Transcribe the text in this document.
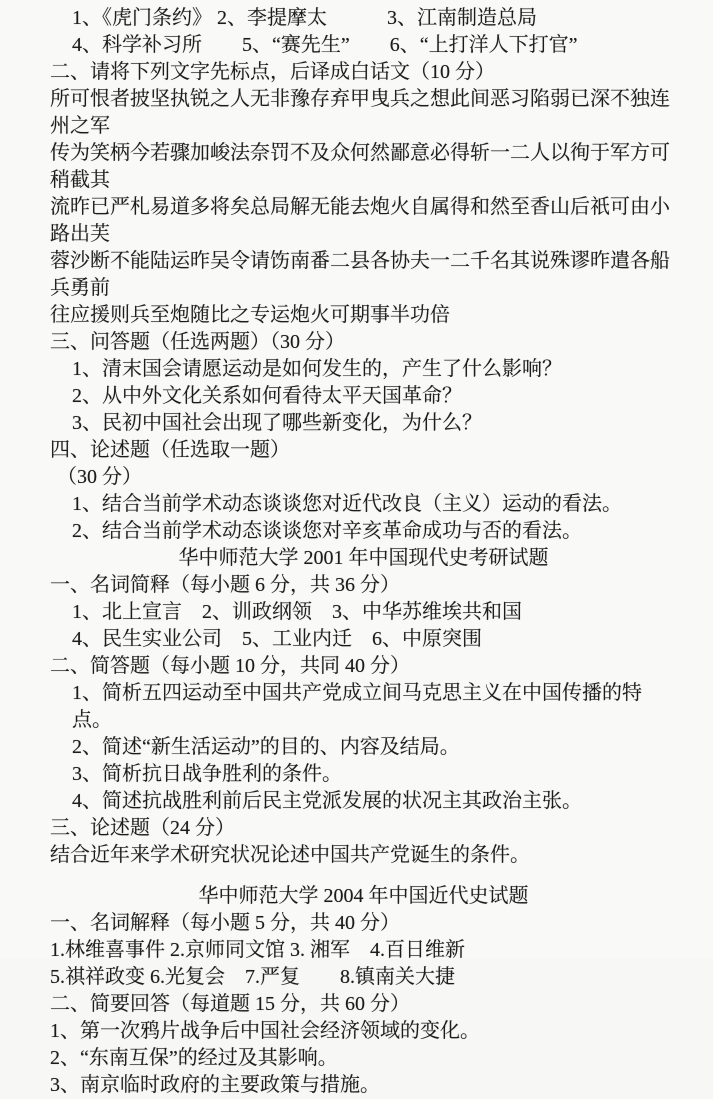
1、《虎门条约》 2、李提摩太　　　3、江南制造总局
4、科学补习所　　5、“赛先生”　　6、“上打洋人下打官”
二、请将下列文字先标点，后译成白话文（10 分）
所可恨者披坚执锐之人无非豫存弃甲曳兵之想此间恶习陷弱已深不独连州之军
传为笑柄今若骤加峻法奈罚不及众何然鄙意必得斩一二人以徇于军方可稍截其
流昨已严札易道多将矣总局解无能去炮火自属得和然至香山后祇可由小路出芙
蓉沙断不能陆运昨吴令请饬南番二县各协夫一二千名其说殊谬昨遣各船兵勇前
往应援则兵至炮随比之专运炮火可期事半功倍
三、问答题（任选两题）（30 分）
1、清末国会请愿运动是如何发生的，产生了什么影响？
2、从中外文化关系如何看待太平天国革命？
3、民初中国社会出现了哪些新变化，为什么？
四、论述题（任选取一题）
（30 分）
1、结合当前学术动态谈谈您对近代改良（主义）运动的看法。
2、结合当前学术动态谈谈您对辛亥革命成功与否的看法。
华中师范大学 2001 年中国现代史考研试题
一、名词简释（每小题 6 分，共 36 分）
1、北上宣言　2、训政纲领　3、中华苏维埃共和国
4、民生实业公司　5、工业内迁　6、中原突围
二、简答题（每小题 10 分，共同 40 分）
1、简析五四运动至中国共产党成立间马克思主义在中国传播的特点。
2、简述“新生活运动”的目的、内容及结局。
3、简析抗日战争胜利的条件。
4、简述抗战胜利前后民主党派发展的状况主其政治主张。
三、论述题（24 分）
结合近年来学术研究状况论述中国共产党诞生的条件。
华中师范大学 2004 年中国近代史试题
一、名词解释（每小题 5 分，共 40 分）
1.林维喜事件 2.京师同文馆 3. 湘军　4.百日维新
5.祺祥政变 6.光复会　7.严复　　8.镇南关大捷
二、简要回答（每道题 15 分，共 60 分）
1、第一次鸦片战争后中国社会经济领域的变化。
2、“东南互保”的经过及其影响。
3、南京临时政府的主要政策与措施。
